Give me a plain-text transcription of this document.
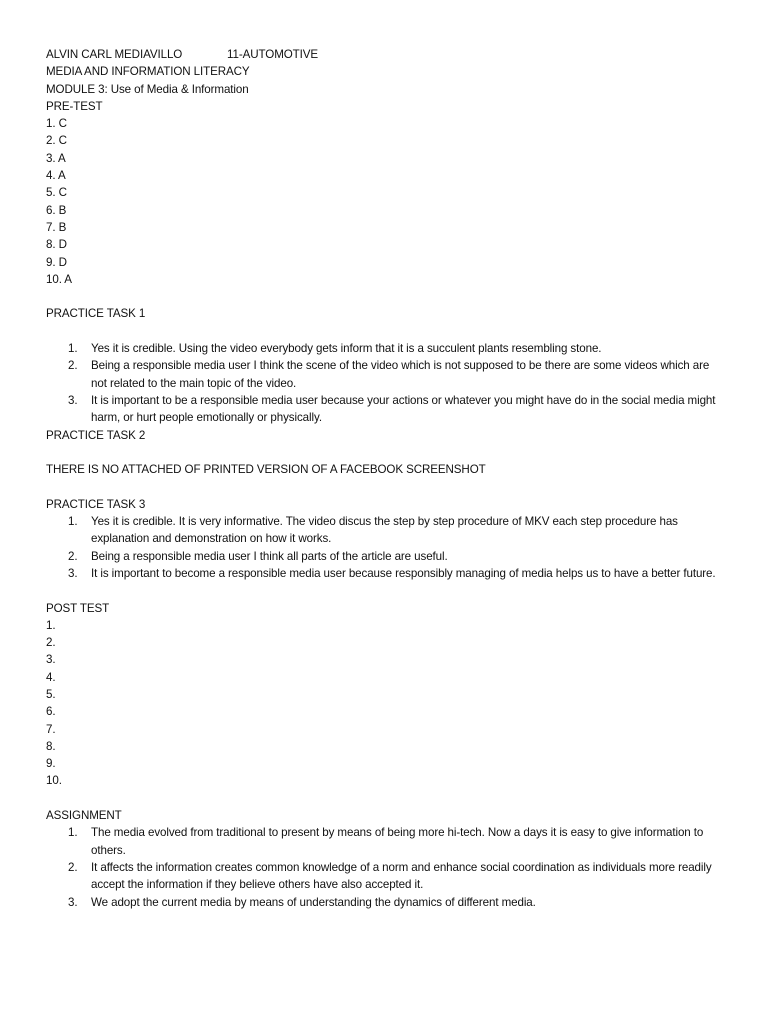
ALVIN CARL MEDIAVILLO	11-AUTOMOTIVE
MEDIA AND INFORMATION LITERACY
MODULE 3: Use of Media & Information
PRE-TEST
1. C
2. C
3. A
4. A
5. C
6. B
7. B
8. D
9. D
10. A
PRACTICE TASK 1
1. Yes it is credible. Using the video everybody gets inform that it is a succulent plants resembling stone.
2. Being a responsible media user I think the scene of the video which is not supposed to be there are some videos which are not related to the main topic of the video.
3. It is important to be a responsible media user because your actions or whatever you might have do in the social media might harm, or hurt people emotionally or physically.
PRACTICE TASK 2
THERE IS NO ATTACHED OF PRINTED VERSION OF A FACEBOOK SCREENSHOT
PRACTICE TASK 3
1. Yes it is credible. It is very informative. The video discus the step by step procedure of MKV each step procedure has explanation and demonstration on how it works.
2. Being a responsible media user I think all parts of the article are useful.
3. It is important to become a responsible media user because responsibly managing of media helps us to have a better future.
POST TEST
1.
2.
3.
4.
5.
6.
7.
8.
9.
10.
ASSIGNMENT
1. The media evolved from traditional to present by means of being more hi-tech. Now a days it is easy to give information to others.
2. It affects the information creates common knowledge of a norm and enhance social coordination as individuals more readily accept the information if they believe others have also accepted it.
3. We adopt the current media by means of understanding the dynamics of different media.
